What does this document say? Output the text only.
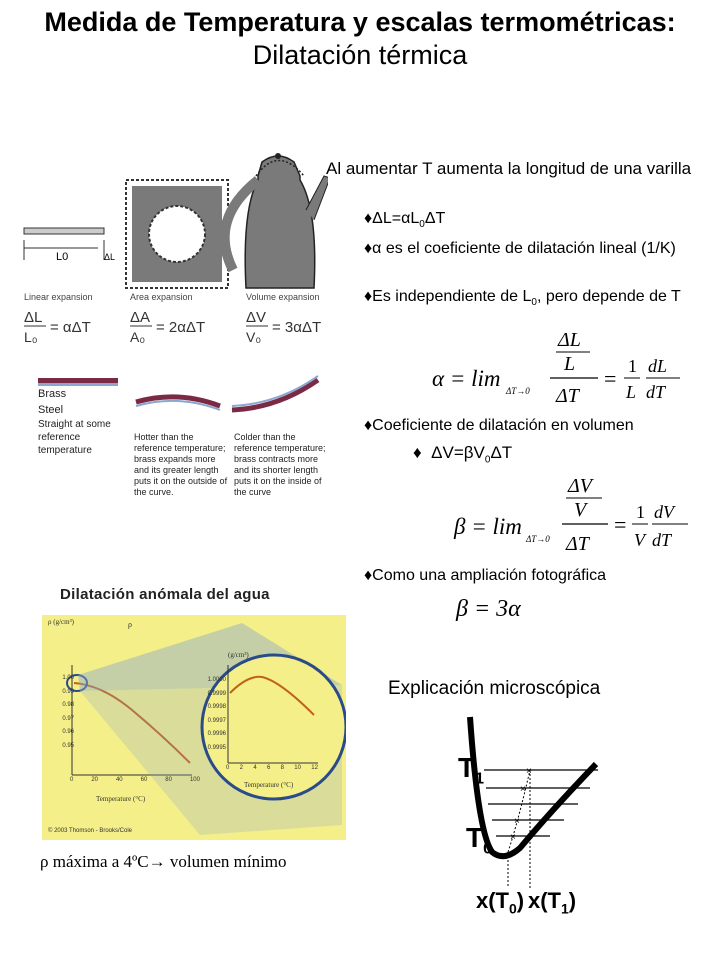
Medida de Temperatura y escalas termométricas: Dilatación térmica
L0	ΔL
Linear expansion	Area expansion	Volume expansion
ΔL
L₀
= αΔT
ΔA
A₀
= 2αΔT
ΔV
V₀
= 3αΔT
Brass
Steel
Straight at some reference temperature
Hotter than the reference temperature; brass expands more and its greater length puts it on the outside of the curve.
Colder than the reference temperature; brass contracts more and its shorter length puts it on the inside of the curve
Al aumentar T aumenta la longitud de una varilla
$♦\Delta L=\alpha L_0\Delta T$
♦α es el coeficiente de dilatación lineal (1/K)
♦Es independiente de $L_0$, pero depende de T
α = lim ΔT→0
ΔL
L
ΔT
= 1
L
dL
dT
♦Coeficiente de dilatación en volumen
♦  $\Delta V=\beta V_0\Delta T$
β = lim ΔT→0
ΔV
V
ΔT
= 1
V
dV
dT
♦Como una ampliación fotográfica
β = 3α
Dilatación anómala del agua
ρ (g/cm³)	ρ
1.00
0.99
0.98
0.97
0.96
0.95
0	20	40	60	80	100
Temperature (°C)
(g/cm³)
1.0000
0.9999
0.9998
0.9997
0.9996
0.9995
0 2 4 6 8 10 12
Temperature (°C)
© 2003 Thomson - Brooks/Cole
ρ máxima a 4ºC→ volumen mínimo
Explicación microscópica
×
×
×
×
$T_1$
$T_0$
$x(T_0)$ $x(T_1)$
